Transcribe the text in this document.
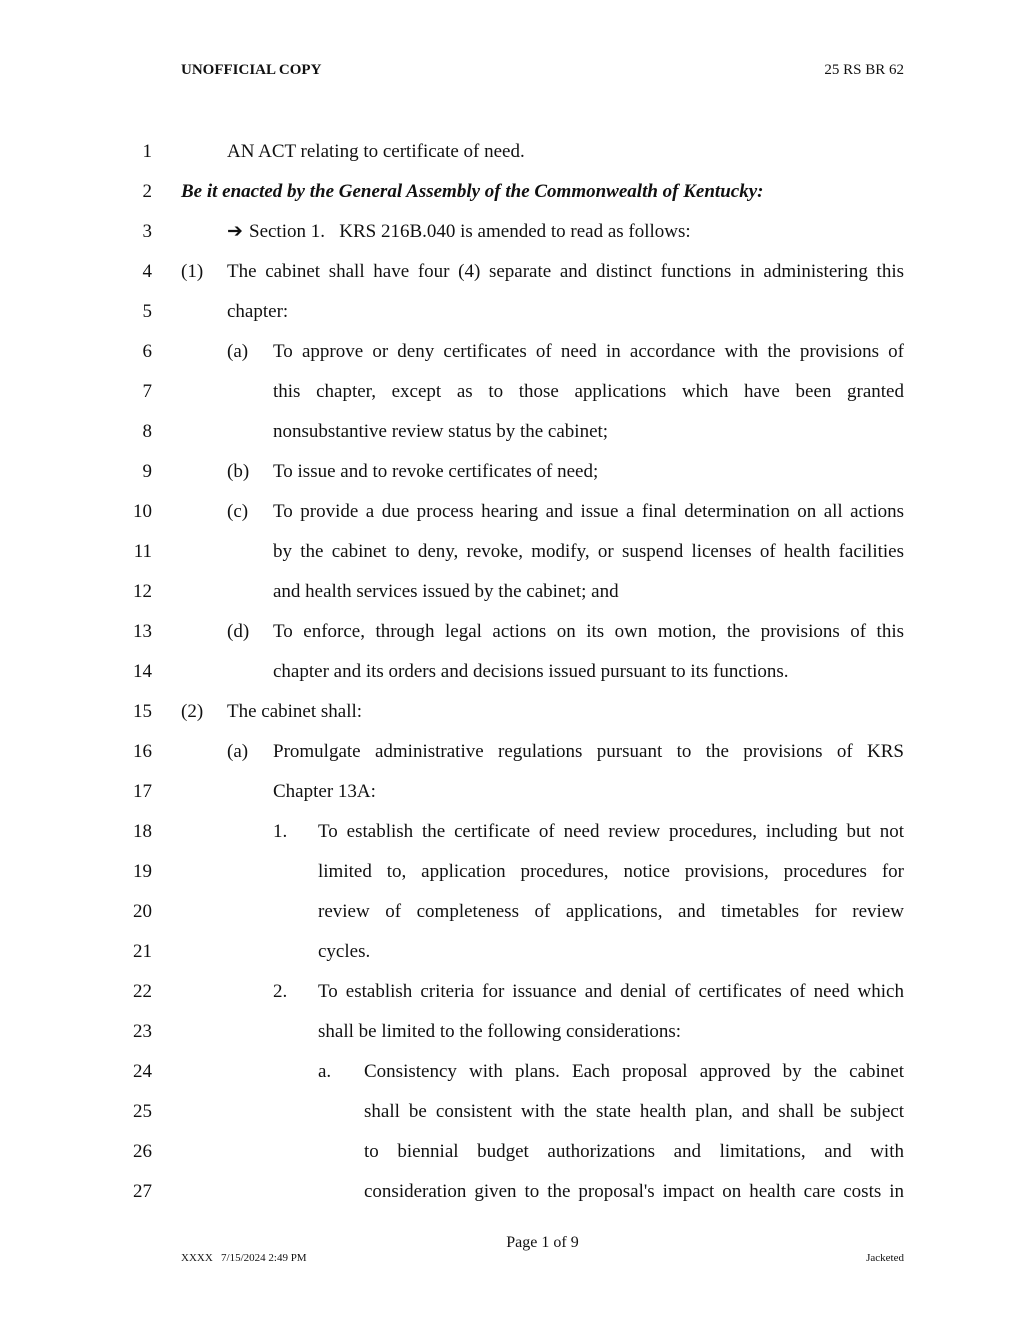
UNOFFICIAL COPY	25 RS BR 62
1	AN ACT relating to certificate of need.
2 Be it enacted by the General Assembly of the Commonwealth of Kentucky:
3	➔ Section 1.   KRS 216B.040 is amended to read as follows:
4 (1) The cabinet shall have four (4) separate and distinct functions in administering this
5	chapter:
6	(a) To approve or deny certificates of need in accordance with the provisions of
7	this chapter, except as to those applications which have been granted
8	nonsubstantive review status by the cabinet;
9	(b) To issue and to revoke certificates of need;
10	(c) To provide a due process hearing and issue a final determination on all actions
11	by the cabinet to deny, revoke, modify, or suspend licenses of health facilities
12	and health services issued by the cabinet; and
13	(d) To enforce, through legal actions on its own motion, the provisions of this
14	chapter and its orders and decisions issued pursuant to its functions.
15 (2) The cabinet shall:
16	(a) Promulgate administrative regulations pursuant to the provisions of KRS
17	Chapter 13A:
18	1. To establish the certificate of need review procedures, including but not
19	limited to, application procedures, notice provisions, procedures for
20	review of completeness of applications, and timetables for review
21	cycles.
22	2. To establish criteria for issuance and denial of certificates of need which
23	shall be limited to the following considerations:
24	a. Consistency with plans. Each proposal approved by the cabinet
25	shall be consistent with the state health plan, and shall be subject
26	to biennial budget authorizations and limitations, and with
27	consideration given to the proposal's impact on health care costs in
Page 1 of 9
XXXX   7/15/2024 2:49 PM	Jacketed
